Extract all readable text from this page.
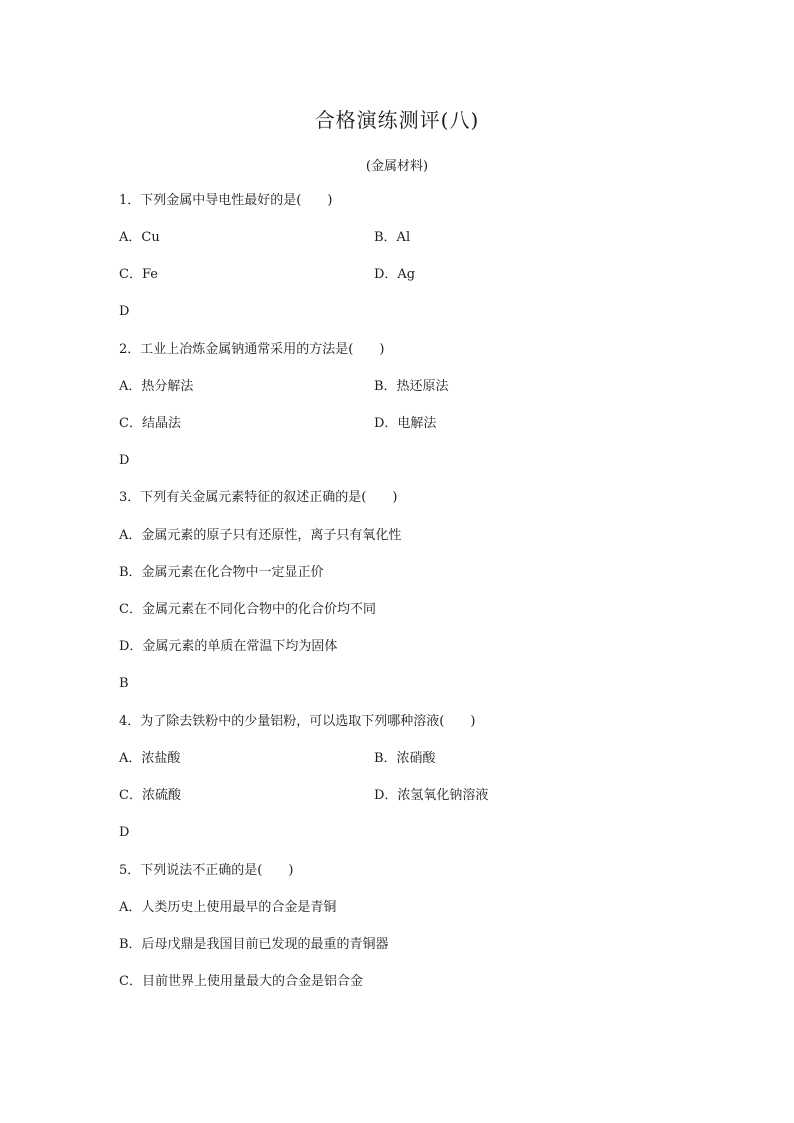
合格演练测评(八)
(金属材料)
1．下列金属中导电性最好的是(　　)
A．Cu	B．Al
C．Fe	D．Ag
D
2．工业上冶炼金属钠通常采用的方法是(　　)
A．热分解法	B．热还原法
C．结晶法	D．电解法
D
3．下列有关金属元素特征的叙述正确的是(　　)
A．金属元素的原子只有还原性，离子只有氧化性
B．金属元素在化合物中一定显正价
C．金属元素在不同化合物中的化合价均不同
D．金属元素的单质在常温下均为固体
B
4．为了除去铁粉中的少量铝粉，可以选取下列哪种溶液(　　)
A．浓盐酸	B．浓硝酸
C．浓硫酸	D．浓氢氧化钠溶液
D
5．下列说法不正确的是(　　)
A．人类历史上使用最早的合金是青铜
B．后母戊鼎是我国目前已发现的最重的青铜器
C．目前世界上使用量最大的合金是铝合金
